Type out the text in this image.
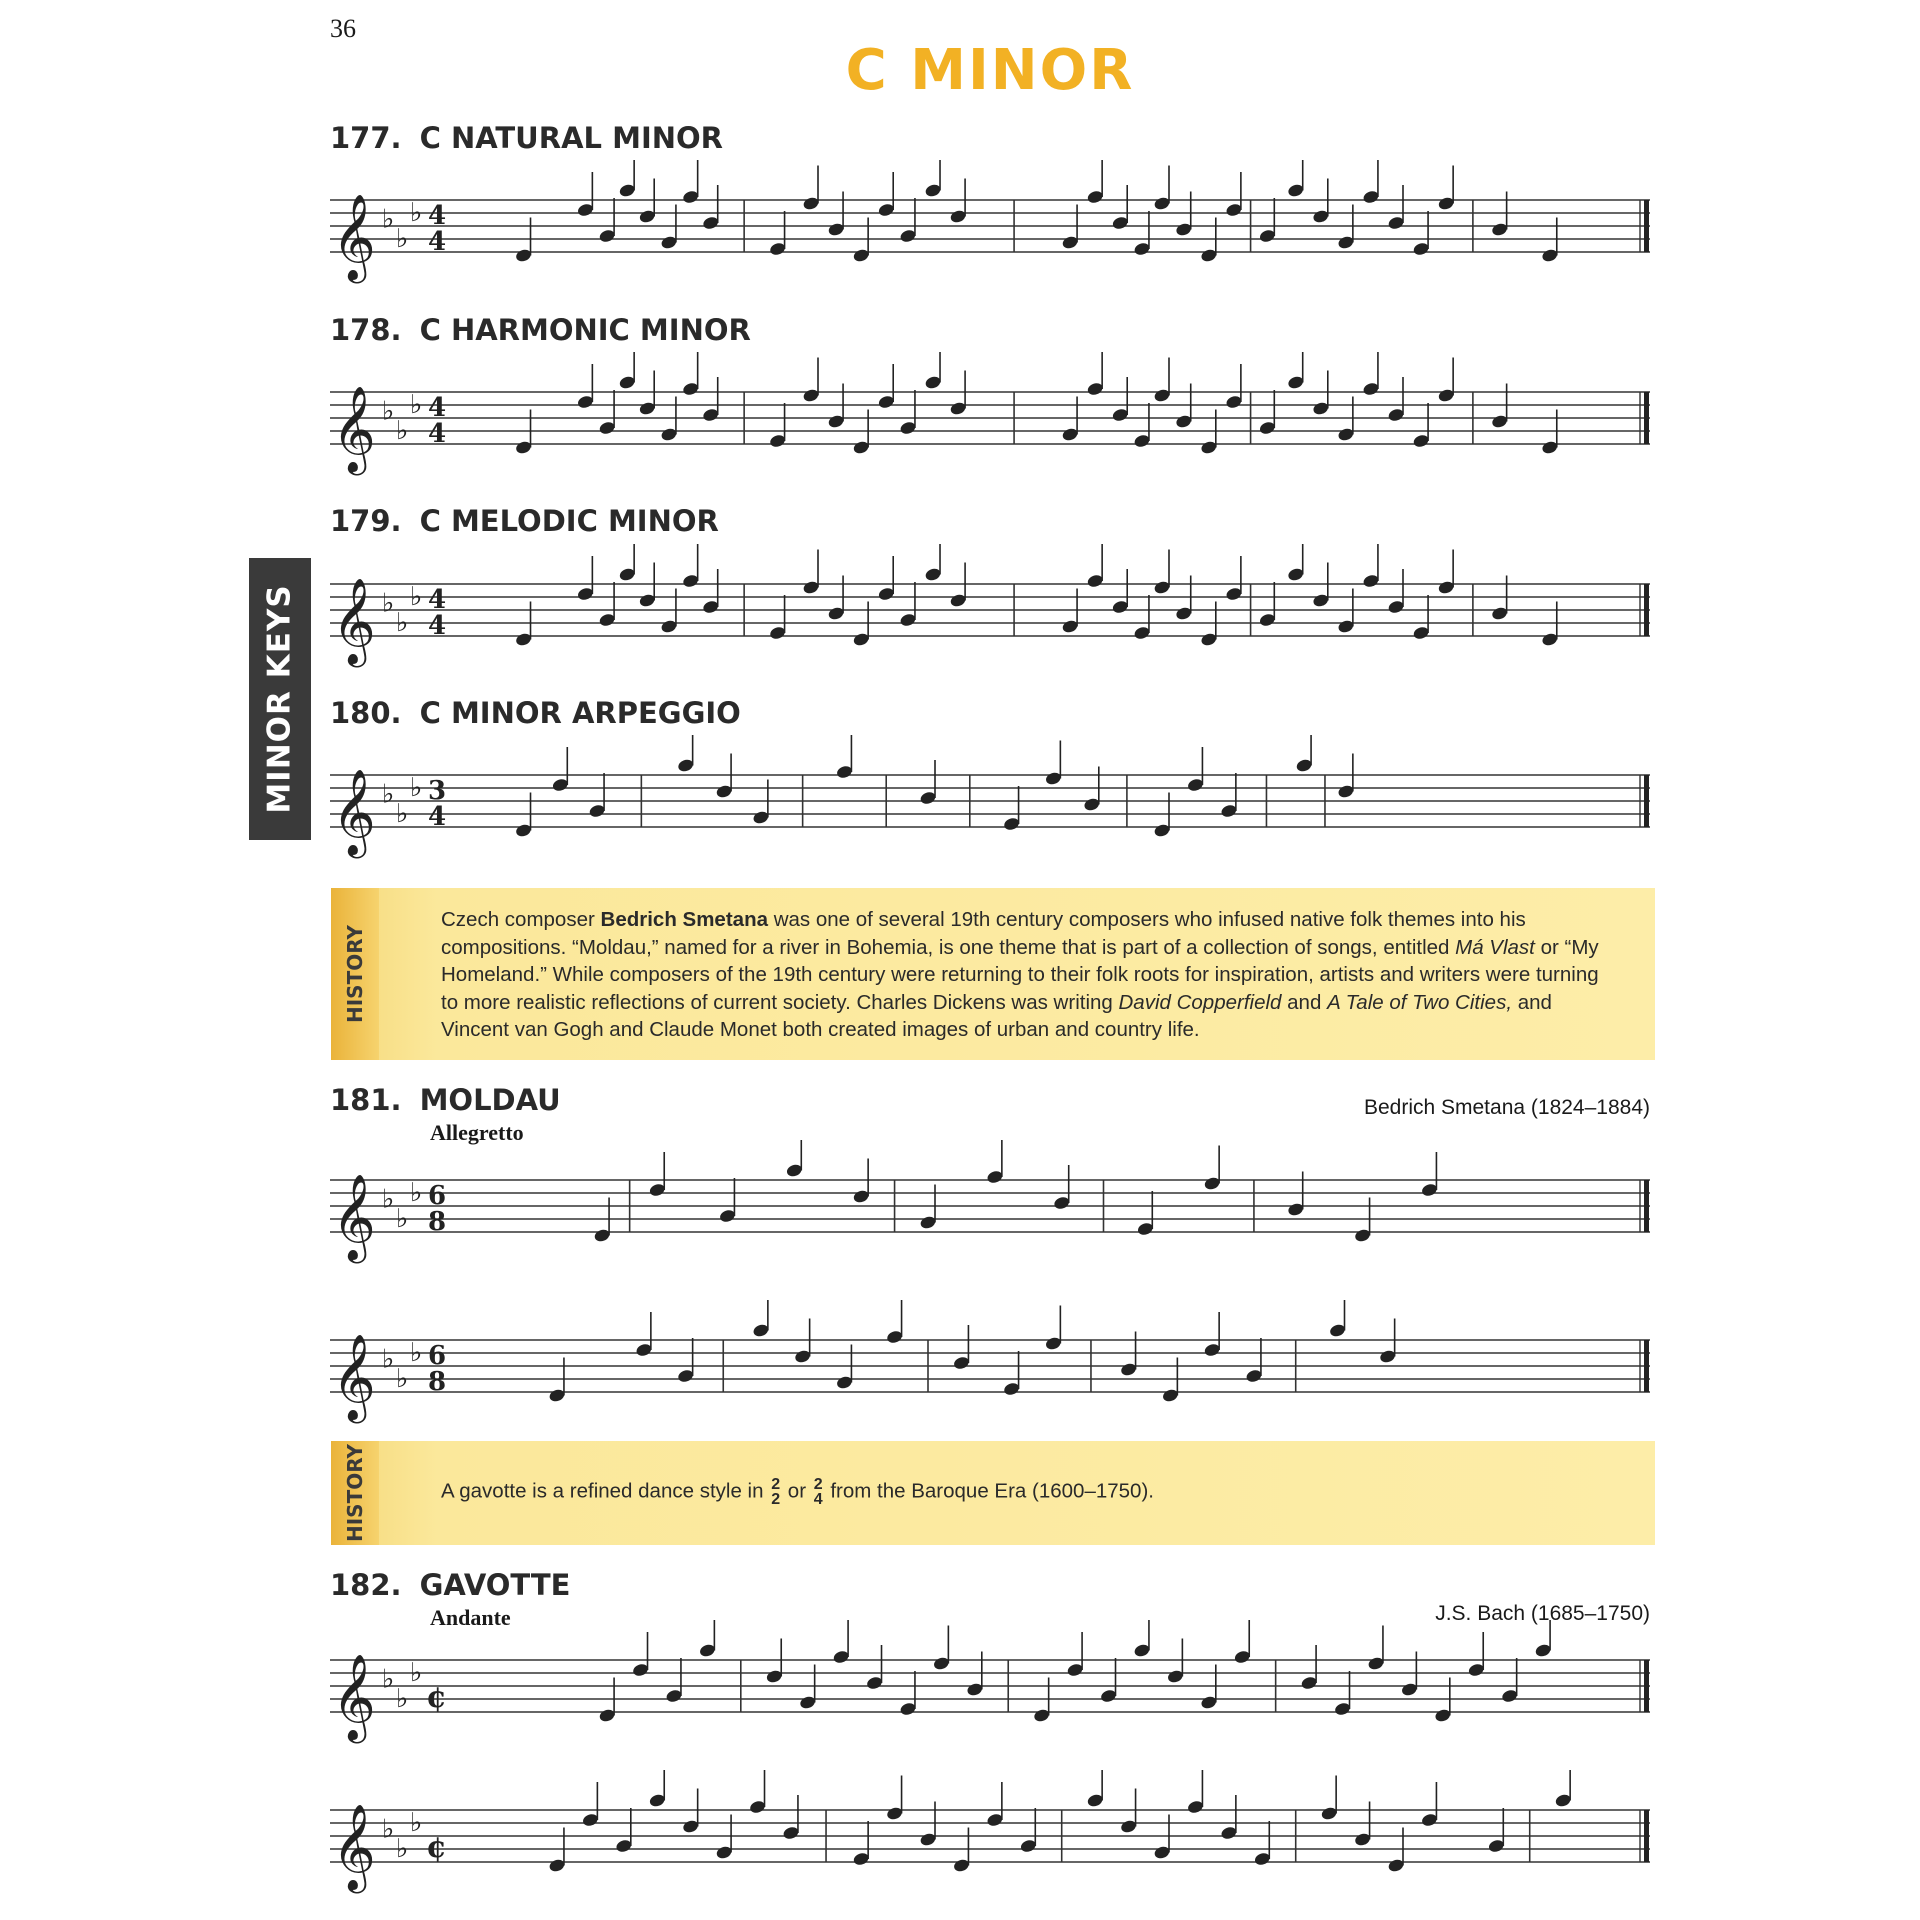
36
C MINOR
MINOR KEYS
177. C NATURAL MINOR
178. C HARMONIC MINOR
179. C MELODIC MINOR
180. C MINOR ARPEGGIO
181. MOLDAU
Allegretto
Bedrich Smetana (1824–1884)
182. GAVOTTE
Andante	J.S. Bach (1685–1750)
HISTORY
Czech composer Bedrich Smetana was one of several 19th century composers who infused native folk themes into his compositions. “Moldau,” named for a river in Bohemia, is one theme that is part of a collection of songs, entitled Má Vlast or “My Homeland.” While composers of the 19th century were returning to their folk roots for inspiration, artists and writers were turning to more realistic reflections of current society. Charles Dickens was writing David Copperfield and A Tale of Two Cities, and Vincent van Gogh and Claude Monet both created images of urban and country life.
HISTORY	A gavotte is a refined dance style in 2
2 or 2
4 from the Baroque Era (1600–1750).
𝄞 ♭
♭
♭ 4
4
𝄞 ♭
♭
♭ 4
4
𝄞 ♭
♭
♭ 4
4
𝄞 ♭
♭
♭ 3
4
𝄞 ♭
♭
♭ 6
8
𝄞 ♭
♭
♭ 6
8
𝄞 ♭
♭
♭
¢
𝄞 ♭
♭
♭
¢
